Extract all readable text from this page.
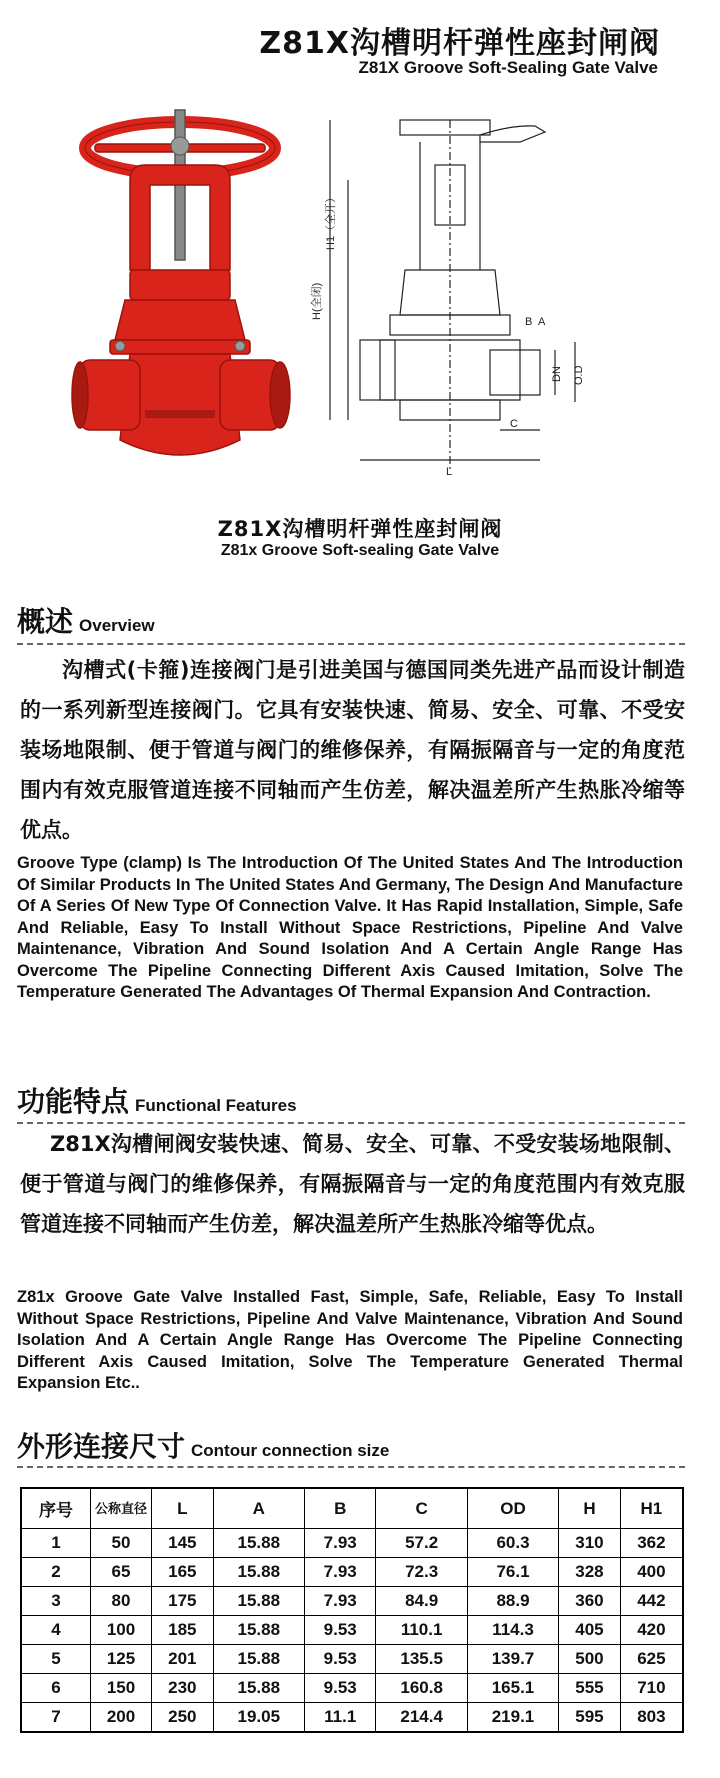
Z81X沟槽明杆弹性座封闸阀
Z81X Groove Soft-Sealing Gate Valve
H1（全开）
H(全闭)
B A
DN O.D
C
L
Z81X沟槽明杆弹性座封闸阀
Z81x Groove Soft-sealing Gate Valve
概述 Overview
沟槽式(卡箍)连接阀门是引进美国与德国同类先进产品而设计制造的一系列新型连接阀门。它具有安装快速、简易、安全、可靠、不受安装场地限制、便于管道与阀门的维修保养，有隔振隔音与一定的角度范围内有效克服管道连接不同轴而产生仿差，解决温差所产生热胀冷缩等优点。
Groove Type (clamp) Is The Introduction Of The United States And The Introduction Of Similar Products In The United States And Germany, The Design And Manufacture Of A Series Of New Type Of Connection Valve. It Has Rapid Installation, Simple, Safe And Reliable, Easy To Install Without Space Restrictions, Pipeline And Valve Maintenance, Vibration And Sound Isolation And A Certain Angle Range Has Overcome The Pipeline Connecting Different Axis Caused Imitation, Solve The Temperature Generated The Advantages Of Thermal Expansion And Contraction.
功能特点 Functional Features
Z81X沟槽闸阀安装快速、简易、安全、可靠、不受安装场地限制、便于管道与阀门的维修保养，有隔振隔音与一定的角度范围内有效克服管道连接不同轴而产生仿差，解决温差所产生热胀冷缩等优点。
Z81x Groove Gate Valve Installed Fast, Simple, Safe, Reliable, Easy To Install Without Space Restrictions, Pipeline And Valve Maintenance, Vibration And Sound Isolation And A Certain Angle Range Has Overcome The Pipeline Connecting Different Axis Caused Imitation, Solve The Temperature Generated Thermal Expansion Etc..
外形连接尺寸 Contour connection size
序号	公称直径	L	A	B	C	OD	H	H1
1	50	145	15.88	7.93	57.2	60.3	310	362
2	65	165	15.88	7.93	72.3	76.1	328	400
3	80	175	15.88	7.93	84.9	88.9	360	442
4	100	185	15.88	9.53	110.1	114.3	405	420
5	125	201	15.88	9.53	135.5	139.7	500	625
6	150	230	15.88	9.53	160.8	165.1	555	710
7	200	250	19.05	11.1	214.4	219.1	595	803
